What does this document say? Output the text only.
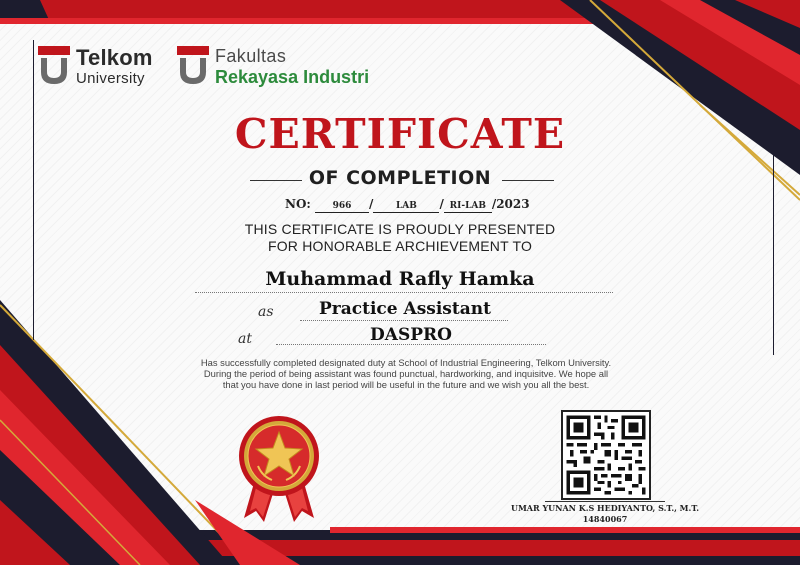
Telkom
University
Fakultas
Rekayasa Industri
CERTIFICATE
OF COMPLETION
NO: 966 /	LAB / RI-LAB /2023
THIS CERTIFICATE IS PROUDLY PRESENTED
FOR HONORABLE ARCHIEVEMENT TO
Muhammad Rafly Hamka
as	Practice Assistant
at	DASPRO
Has successfully completed designated duty at School of Industrial Engineering, Telkom University. During the period of being assistant was found punctual, hardworking, and inquisitve. We hope all that you have done in last period will be useful in the future and we wish you all the best.
UMAR YUNAN K.S HEDIYANTO, S.T., M.T.
14840067
